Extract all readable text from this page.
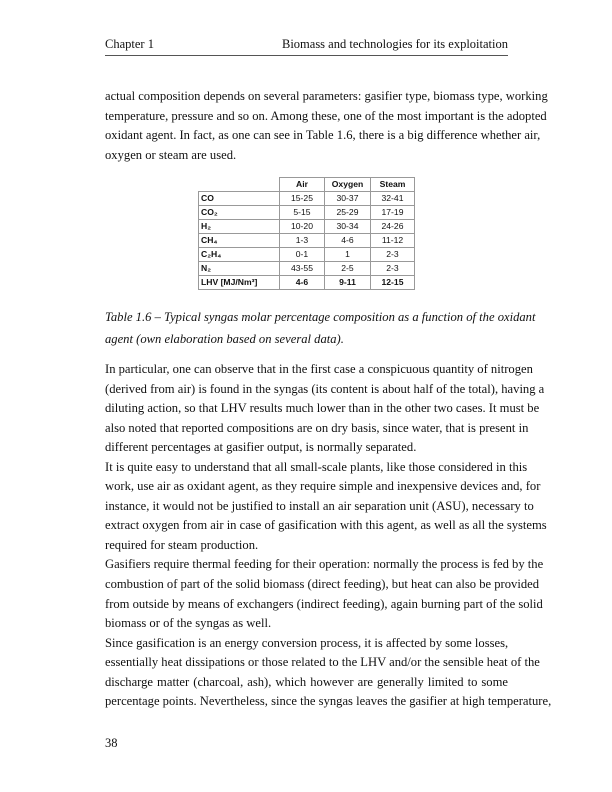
Chapter 1	Biomass and technologies for its exploitation
actual composition depends on several parameters: gasifier type, biomass type, working
temperature, pressure and so on. Among these, one of the most important is the adopted
oxidant agent. In fact, as one can see in Table 1.6, there is a big difference whether air,
oxygen or steam are used.
	Air	Oxygen	Steam
CO	15-25	30-37	32-41
CO₂	5-15	25-29	17-19
H₂	10-20	30-34	24-26
CH₄	1-3	4-6	11-12
C₂H₄	0-1	1	2-3
N₂	43-55	2-5	2-3
LHV [MJ/Nm³]	4-6	9-11	12-15
Table 1.6 – Typical syngas molar percentage composition as a function of the oxidant
agent (own elaboration based on several data).
In particular, one can observe that in the first case a conspicuous quantity of nitrogen
(derived from air) is found in the syngas (its content is about half of the total), having a
diluting action, so that LHV results much lower than in the other two cases. It must be
also noted that reported compositions are on dry basis, since water, that is present in
different percentages at gasifier output, is normally separated.
It is quite easy to understand that all small-scale plants, like those considered in this
work, use air as oxidant agent, as they require simple and inexpensive devices and, for
instance, it would not be justified to install an air separation unit (ASU), necessary to
extract oxygen from air in case of gasification with this agent, as well as all the systems
required for steam production.
Gasifiers require thermal feeding for their operation: normally the process is fed by the
combustion of part of the solid biomass (direct feeding), but heat can also be provided
from outside by means of exchangers (indirect feeding), again burning part of the solid
biomass or of the syngas as well.
Since gasification is an energy conversion process, it is affected by some losses,
essentially heat dissipations or those related to the LHV and/or the sensible heat of the
discharge matter (charcoal, ash), which however are generally limited to some
percentage points. Nevertheless, since the syngas leaves the gasifier at high temperature,
38
